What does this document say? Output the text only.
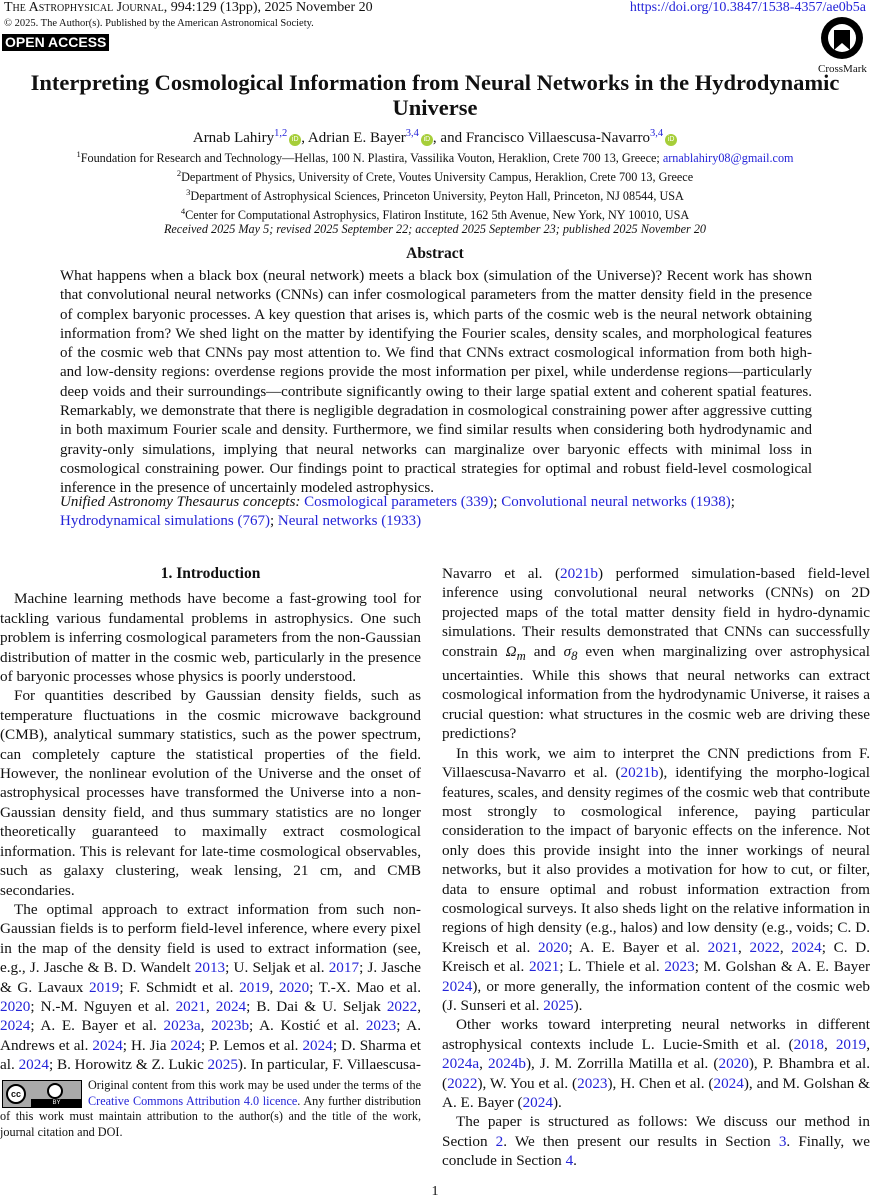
The Astrophysical Journal, 994:129 (13pp), 2025 November 20	https://doi.org/10.3847/1538-4357/ae0b5a
© 2025. The Author(s). Published by the American Astronomical Society.
OPEN ACCESS
CrossMark
Interpreting Cosmological Information from Neural Networks in the Hydrodynamic Universe
Arnab Lahiry$^{1,2}$iD , Adrian E. Bayer$^{3,4}$iD , and Francisco Villaescusa-Navarro$^{3,4}$iD
$^1$Foundation for Research and Technology—Hellas, 100 N. Plastira, Vassilika Vouton, Heraklion, Crete 700 13, Greece; arnablahiry08@gmail.com
$^2$Department of Physics, University of Crete, Voutes University Campus, Heraklion, Crete 700 13, Greece
$^3$Department of Astrophysical Sciences, Princeton University, Peyton Hall, Princeton, NJ 08544, USA
$^4$Center for Computational Astrophysics, Flatiron Institute, 162 5th Avenue, New York, NY 10010, USA
Received 2025 May 5; revised 2025 September 22; accepted 2025 September 23; published 2025 November 20
Abstract
What happens when a black box (neural network) meets a black box (simulation of the Universe)? Recent work has shown that convolutional neural networks (CNNs) can infer cosmological parameters from the matter density field in the presence of complex baryonic processes. A key question that arises is, which parts of the cosmic web is the neural network obtaining information from? We shed light on the matter by identifying the Fourier scales, density scales, and morphological features of the cosmic web that CNNs pay most attention to. We find that CNNs extract cosmological information from both high- and low-density regions: overdense regions provide the most information per pixel, while underdense regions—particularly deep voids and their surroundings—contribute significantly owing to their large spatial extent and coherent spatial features. Remarkably, we demonstrate that there is negligible degradation in cosmological constraining power after aggressive cutting in both maximum Fourier scale and density. Furthermore, we find similar results when considering both hydrodynamic and gravity-only simulations, implying that neural networks can marginalize over baryonic effects with minimal loss in cosmological constraining power. Our findings point to practical strategies for optimal and robust field-level cosmological inference in the presence of uncertainly modeled astrophysics.
Unified Astronomy Thesaurus concepts: Cosmological parameters (339); Convolutional neural networks (1938); Hydrodynamical simulations (767); Neural networks (1933)
1. Introduction

Machine learning methods have become a fast-growing tool for tackling various fundamental problems in astrophysics. One such problem is inferring cosmological parameters from the non-Gaussian distribution of matter in the cosmic web, particularly in the presence of baryonic processes whose physics is poorly understood.

For quantities described by Gaussian density fields, such as temperature fluctuations in the cosmic microwave background (CMB), analytical summary statistics, such as the power spectrum, can completely capture the statistical properties of the field. However, the nonlinear evolution of the Universe and the onset of astrophysical processes have transformed the Universe into a non-Gaussian density field, and thus summary statistics are no longer theoretically guaranteed to maximally extract cosmological information. This is relevant for late-time cosmological observables, such as galaxy clustering, weak lensing, 21 cm, and CMB secondaries.

The optimal approach to extract information from such non-Gaussian fields is to perform field-level inference, where every pixel in the map of the density field is used to extract information (see, e.g., J. Jasche & B. D. Wandelt 2013; U. Seljak et al. 2017; J. Jasche & G. Lavaux 2019; F. Schmidt et al. 2019, 2020; T.-X. Mao et al. 2020; N.-M. Nguyen et al. 2021, 2024; B. Dai & U. Seljak 2022, 2024; A. E. Bayer et al. 2023a, 2023b; A. Kostić et al. 2023; A. Andrews et al. 2024; H. Jia 2024; P. Lemos et al. 2024; D. Sharma et al. 2024; B. Horowitz & Z. Lukic 2025). In particular, F. Villaescusa-

Navarro et al. (2021b) performed simulation-based field-level inference using convolutional neural networks (CNNs) on 2D projected maps of the total matter density field in hydro-dynamic simulations. Their results demonstrated that CNNs can successfully constrain $\Omega_m$ and $\sigma_8$ even when marginalizing over astrophysical uncertainties. While this shows that neural networks can extract cosmological information from the hydrodynamic Universe, it raises a crucial question: what structures in the cosmic web are driving these predictions?

In this work, we aim to interpret the CNN predictions from F. Villaescusa-Navarro et al. (2021b), identifying the morpho-logical features, scales, and density regimes of the cosmic web that contribute most strongly to cosmological inference, paying particular consideration to the impact of baryonic effects on the inference. Not only does this provide insight into the inner workings of neural networks, but it also provides a motivation for how to cut, or filter, data to ensure optimal and robust information extraction from cosmological surveys. It also sheds light on the relative information in regions of high density (e.g., halos) and low density (e.g., voids; C. D. Kreisch et al. 2020; A. E. Bayer et al. 2021, 2022, 2024; C. D. Kreisch et al. 2021; L. Thiele et al. 2023; M. Golshan & A. E. Bayer 2024), or more generally, the information content of the cosmic web (J. Sunseri et al. 2025).

Other works toward interpreting neural networks in different astrophysical contexts include L. Lucie-Smith et al. (2018, 2019, 2024a, 2024b), J. M. Zorrilla Matilla et al. (2020), P. Bhambra et al. (2022), W. You et al. (2023), H. Chen et al. (2024), and M. Golshan & A. E. Bayer (2024).

The paper is structured as follows: We discuss our method in Section 2. We then present our results in Section 3. Finally, we conclude in Section 4.

cc
BY
Original content from this work may be used under the terms of the Creative Commons Attribution 4.0 licence. Any further distribution of this work must maintain attribution to the author(s) and the title of the work, journal citation and DOI.
1
